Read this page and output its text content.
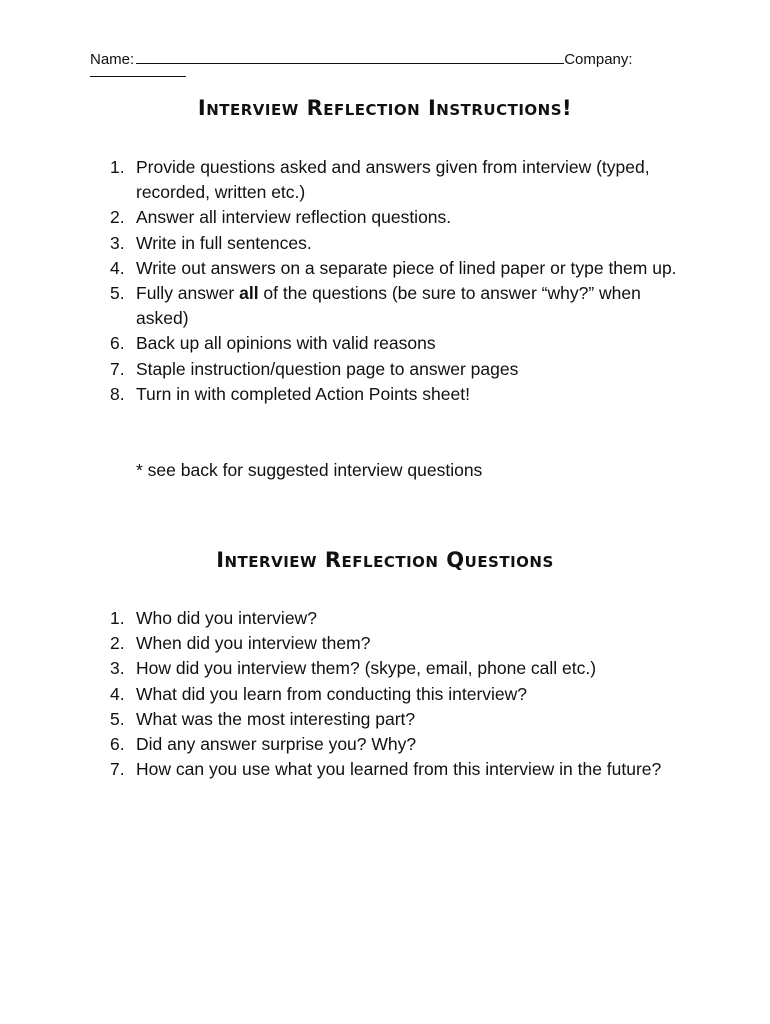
Name:	Company:
Interview Reflection Instructions!
1. Provide questions asked and answers given from interview (typed, recorded, written etc.)
2. Answer all interview reflection questions.
3. Write in full sentences.
4. Write out answers on a separate piece of lined paper or type them up.
5. Fully answer all of the questions (be sure to answer “why?” when asked)
6. Back up all opinions with valid reasons
7. Staple instruction/question page to answer pages
8. Turn in with completed Action Points sheet!
* see back for suggested interview questions
Interview Reflection Questions
1. Who did you interview?
2. When did you interview them?
3. How did you interview them? (skype, email, phone call etc.)
4. What did you learn from conducting this interview?
5. What was the most interesting part?
6. Did any answer surprise you? Why?
7. How can you use what you learned from this interview in the future?
